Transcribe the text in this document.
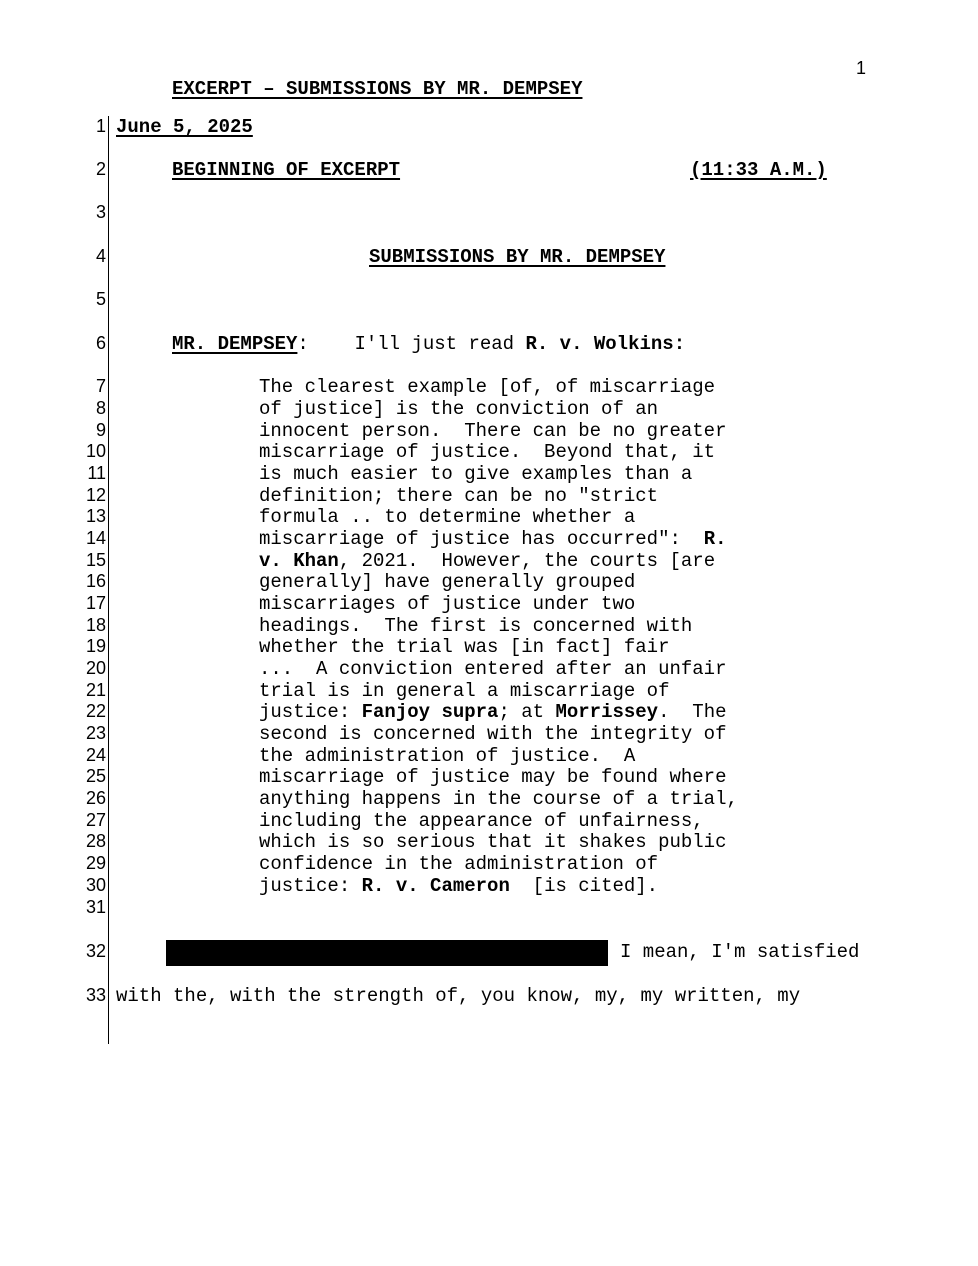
1
EXCERPT – SUBMISSIONS BY MR. DEMPSEY
1
2
3
4
5
6
7
8
9
10
11
12
13
14
15
16
17
18
19
20
21
22
23
24
25
26
27
28
29
30
31
32
33
June 5, 2025
BEGINNING OF EXCERPT	(11:33 A.M.)
SUBMISSIONS BY MR. DEMPSEY
MR. DEMPSEY: I'll just read R. v. Wolkins:
The clearest example [of, of miscarriage
of justice] is the conviction of an
innocent person.  There can be no greater
miscarriage of justice.  Beyond that, it
is much easier to give examples than a
definition; there can be no "strict
formula .. to determine whether a
miscarriage of justice has occurred":  R.
v. Khan, 2021.  However, the courts [are
generally] have generally grouped
miscarriages of justice under two
headings.  The first is concerned with
whether the trial was [in fact] fair
...  A conviction entered after an unfair
trial is in general a miscarriage of
justice: Fanjoy supra; at Morrissey.  The
second is concerned with the integrity of
the administration of justice.  A
miscarriage of justice may be found where
anything happens in the course of a trial,
including the appearance of unfairness,
which is so serious that it shakes public
confidence in the administration of
justice: R. v. Cameron  [is cited].
I mean, I'm satisfied
with the, with the strength of, you know, my, my written, my
